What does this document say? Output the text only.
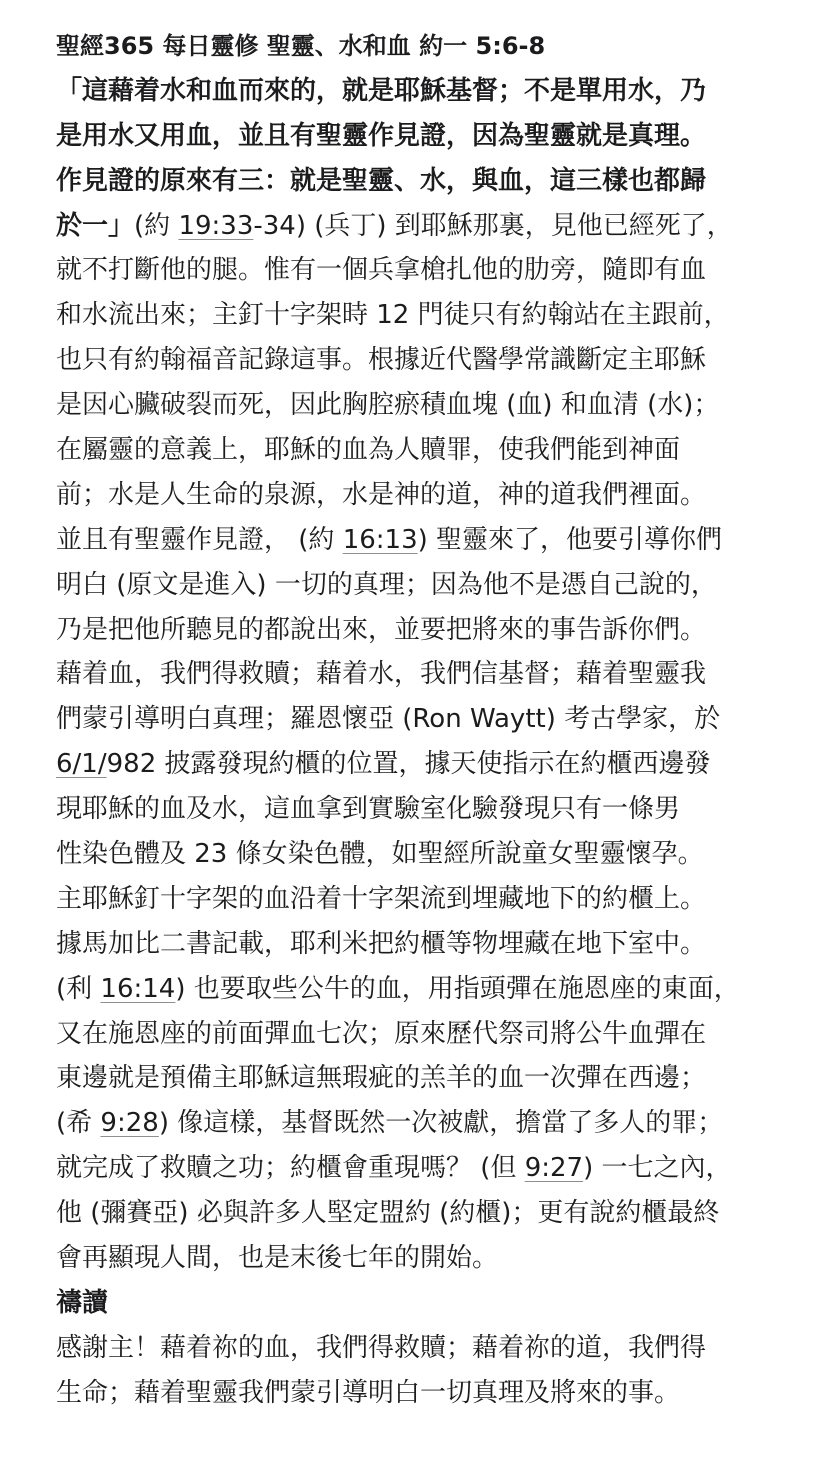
聖經365 每日靈修 聖靈、水和血 約一 5:6-8
「這藉着水和血而來的，就是耶穌基督；不是單用水，乃
是用水又用血，並且有聖靈作見證，因為聖靈就是真理。
作見證的原來有三：就是聖靈、水，與血，這三樣也都歸
於一」(約 19:33-34) (兵丁) 到耶穌那裏，見他已經死了，
就不打斷他的腿。惟有一個兵拿槍扎他的肋旁，隨即有血
和水流出來；主釘十字架時 12 門徒只有約翰站在主跟前，
也只有約翰福音記錄這事。根據近代醫學常識斷定主耶穌
是因心臟破裂而死，因此胸腔瘀積血塊 (血) 和血清 (水)；
在屬靈的意義上，耶穌的血為人贖罪，使我們能到神面
前；水是人生命的泉源，水是神的道，神的道我們裡面。
並且有聖靈作見證， (約 16:13) 聖靈來了，他要引導你們
明白 (原文是進入) 一切的真理；因為他不是憑自己說的，
乃是把他所聽見的都說出來，並要把將來的事告訴你們。
藉着血，我們得救贖；藉着水，我們信基督；藉着聖靈我
們蒙引導明白真理；羅恩懷亞 (Ron Waytt) 考古學家，於
6/1/982 披露發現約櫃的位置，據天使指示在約櫃西邊發
現耶穌的血及水，這血拿到實驗室化驗發現只有一條男
性染色體及 23 條女染色體，如聖經所說童女聖靈懷孕。
主耶穌釘十字架的血沿着十字架流到埋藏地下的約櫃上。
據馬加比二書記載，耶利米把約櫃等物埋藏在地下室中。
(利 16:14) 也要取些公牛的血，用指頭彈在施恩座的東面，
又在施恩座的前面彈血七次；原來歷代祭司將公牛血彈在
東邊就是預備主耶穌這無瑕疵的羔羊的血一次彈在西邊；
(希 9:28) 像這樣，基督既然一次被獻，擔當了多人的罪；
就完成了救贖之功；約櫃會重現嗎？ (但 9:27) 一七之內，
他 (彌賽亞) 必與許多人堅定盟約 (約櫃)；更有說約櫃最終
會再顯現人間，也是末後七年的開始。
禱讀
感謝主！藉着祢的血，我們得救贖；藉着祢的道，我們得
生命；藉着聖靈我們蒙引導明白一切真理及將來的事。
